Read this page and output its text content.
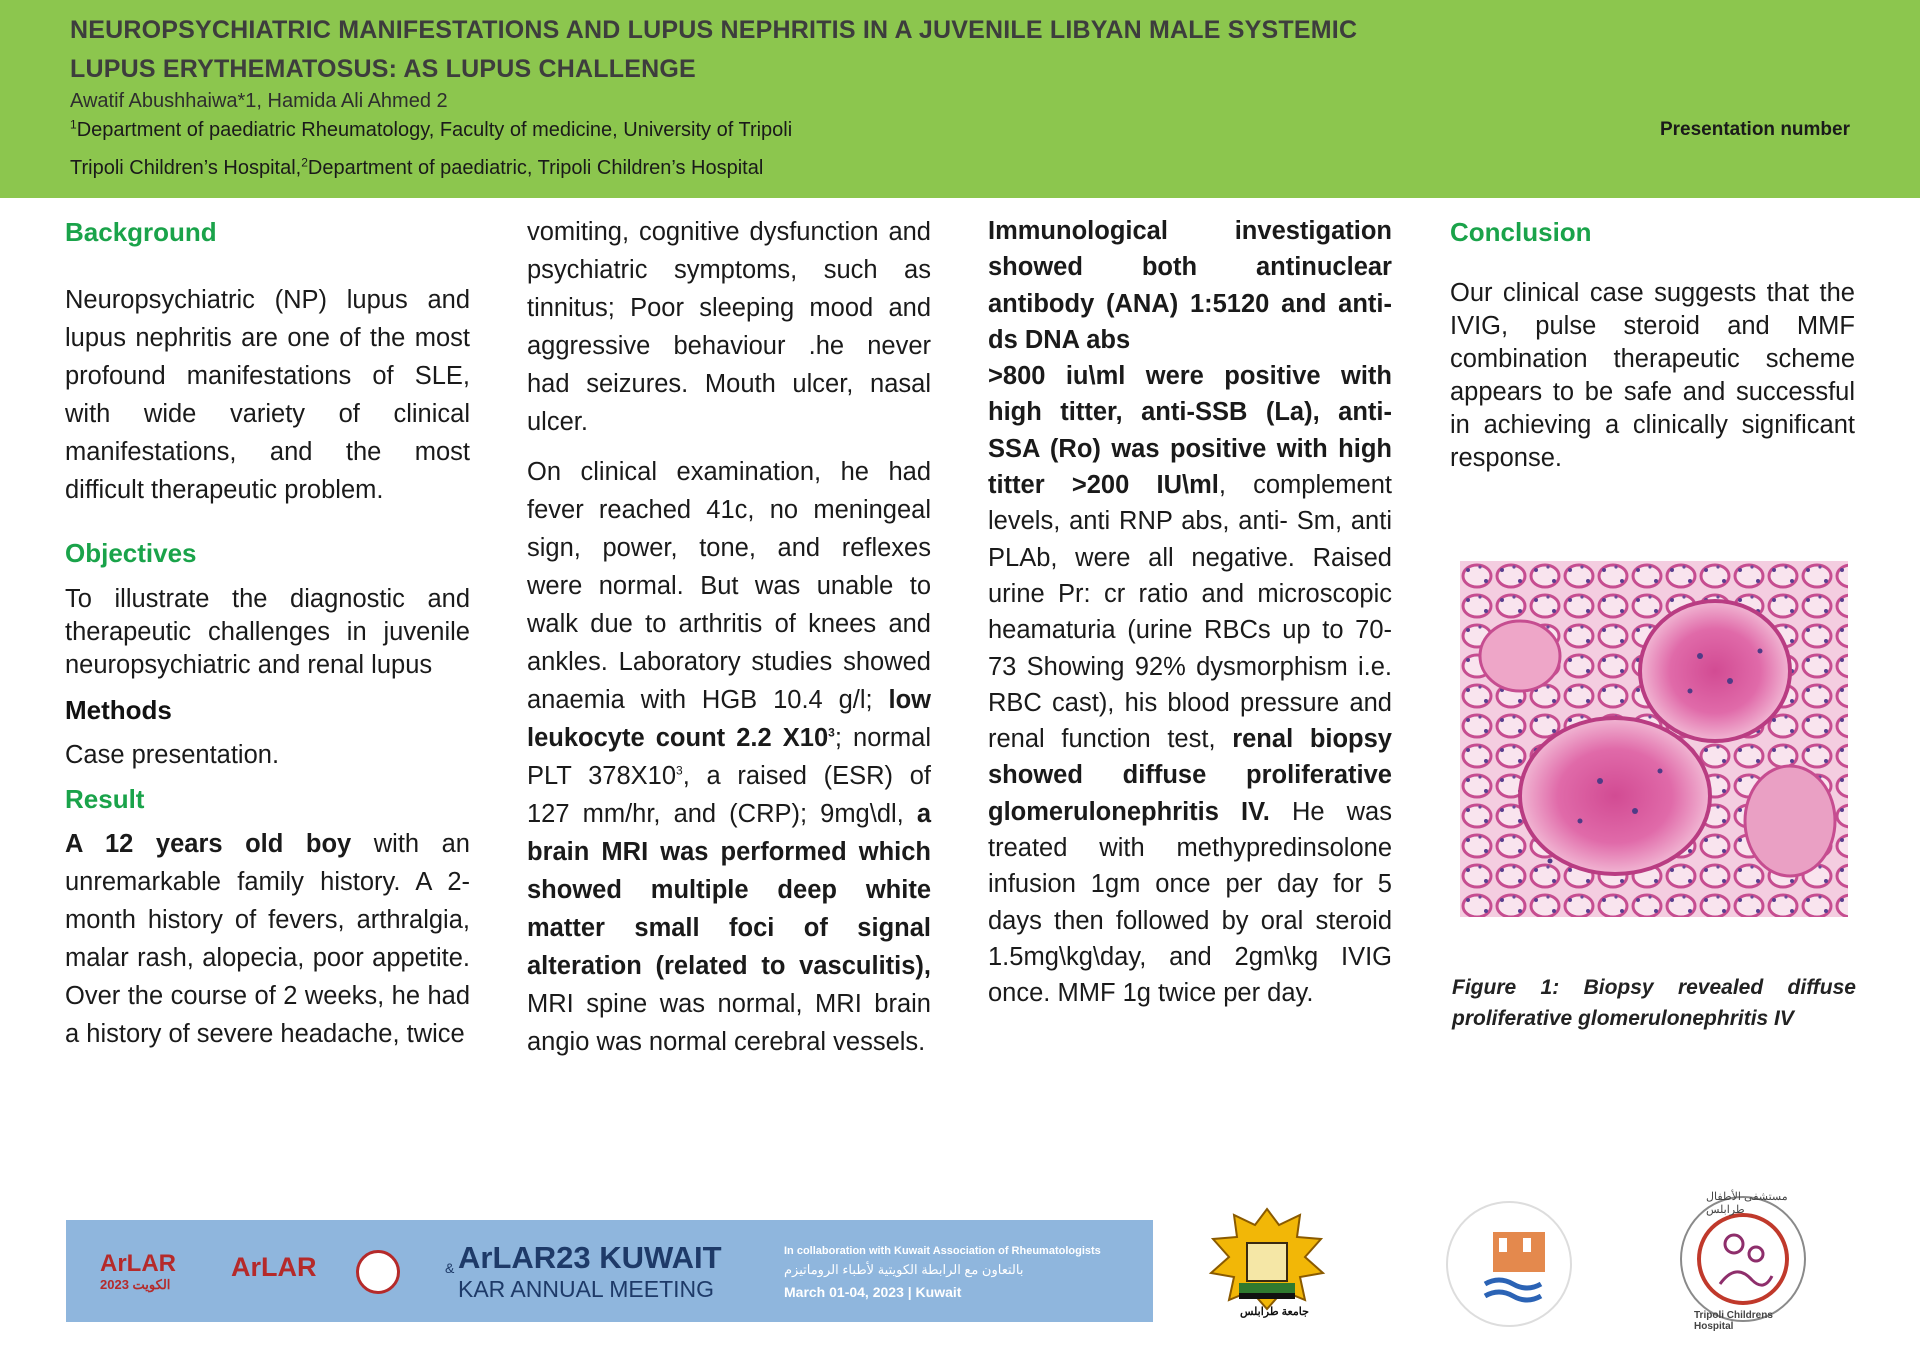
NEUROPSYCHIATRIC MANIFESTATIONS AND LUPUS NEPHRITIS IN A JUVENILE LIBYAN MALE SYSTEMIC
LUPUS ERYTHEMATOSUS: AS LUPUS CHALLENGE
Awatif Abushhaiwa*1, Hamida Ali Ahmed 2
$^1$Department of paediatric Rheumatology, Faculty of medicine, University of Tripoli
Tripoli Children’s Hospital,$^2$Department of paediatric, Tripoli Children’s Hospital
Presentation number

Background

Neuropsychiatric (NP) lupus and lupus nephritis are one of the most profound manifestations of SLE, with wide variety of clinical manifestations, and the most difficult therapeutic problem.

Objectives

To illustrate the diagnostic and therapeutic challenges in juvenile neuropsychiatric and renal lupus

Methods

Case presentation.

Result

A 12 years old boy with an unremarkable family history. A 2-month history of fevers, arthralgia, malar rash, alopecia, poor appetite. Over the course of 2 weeks, he had a history of severe headache, twice

vomiting, cognitive dysfunction and psychiatric symptoms, such as tinnitus; Poor sleeping mood and aggressive behaviour .he never had seizures. Mouth ulcer, nasal ulcer.

On clinical examination, he had fever reached 41c, no meningeal sign, power, tone, and reflexes were normal. But was unable to walk due to arthritis of knees and ankles. Laboratory studies showed anaemia with HGB 10.4 g/l; low leukocyte count 2.2 $X10^3$; normal PLT $378X10^3$, a raised (ESR) of 127 mm/hr, and (CRP); 9mg\dl, a brain MRI was performed which showed multiple deep white matter small foci of signal alteration (related to vasculitis), MRI spine was normal, MRI brain angio was normal cerebral vessels.

Immunological investigation showed both antinuclear antibody (ANA) 1:5120 and anti-ds DNA abs
>800 iu\ml were positive with high titter, anti-SSB (La), anti-SSA (Ro) was positive with high titter >200 IU\ml, complement levels, anti RNP abs, anti- Sm, anti PLAb, were all negative. Raised urine Pr: cr ratio and microscopic heamaturia (urine RBCs up to 70-73 Showing 92% dysmorphism i.e. RBC cast), his blood pressure and renal function test, renal biopsy showed diffuse proliferative glomerulonephritis IV. He was treated with methypredinsolone infusion 1gm once per day for 5 days then followed by oral steroid 1.5mg\kg\day, and 2gm\kg IVIG once. MMF 1g twice per day.

Conclusion

Our clinical case suggests that the IVIG, pulse steroid and MMF combination therapeutic scheme appears to be safe and successful in achieving a clinically significant response.

Figure 1: Biopsy revealed diffuse proliferative glomerulonephritis IV
ArLAR
2023 الكويت
ArLAR	& ArLAR23 KUWAIT
KAR ANNUAL MEETING
In collaboration with Kuwait Association of Rheumatologists
بالتعاون مع الرابطة الكويتية لأطباء الروماتيزم
March 01-04, 2023 | Kuwait
جامعة طرابلس
مستشفى الأطفال طرابلس
Tripoli Childrens Hospital
